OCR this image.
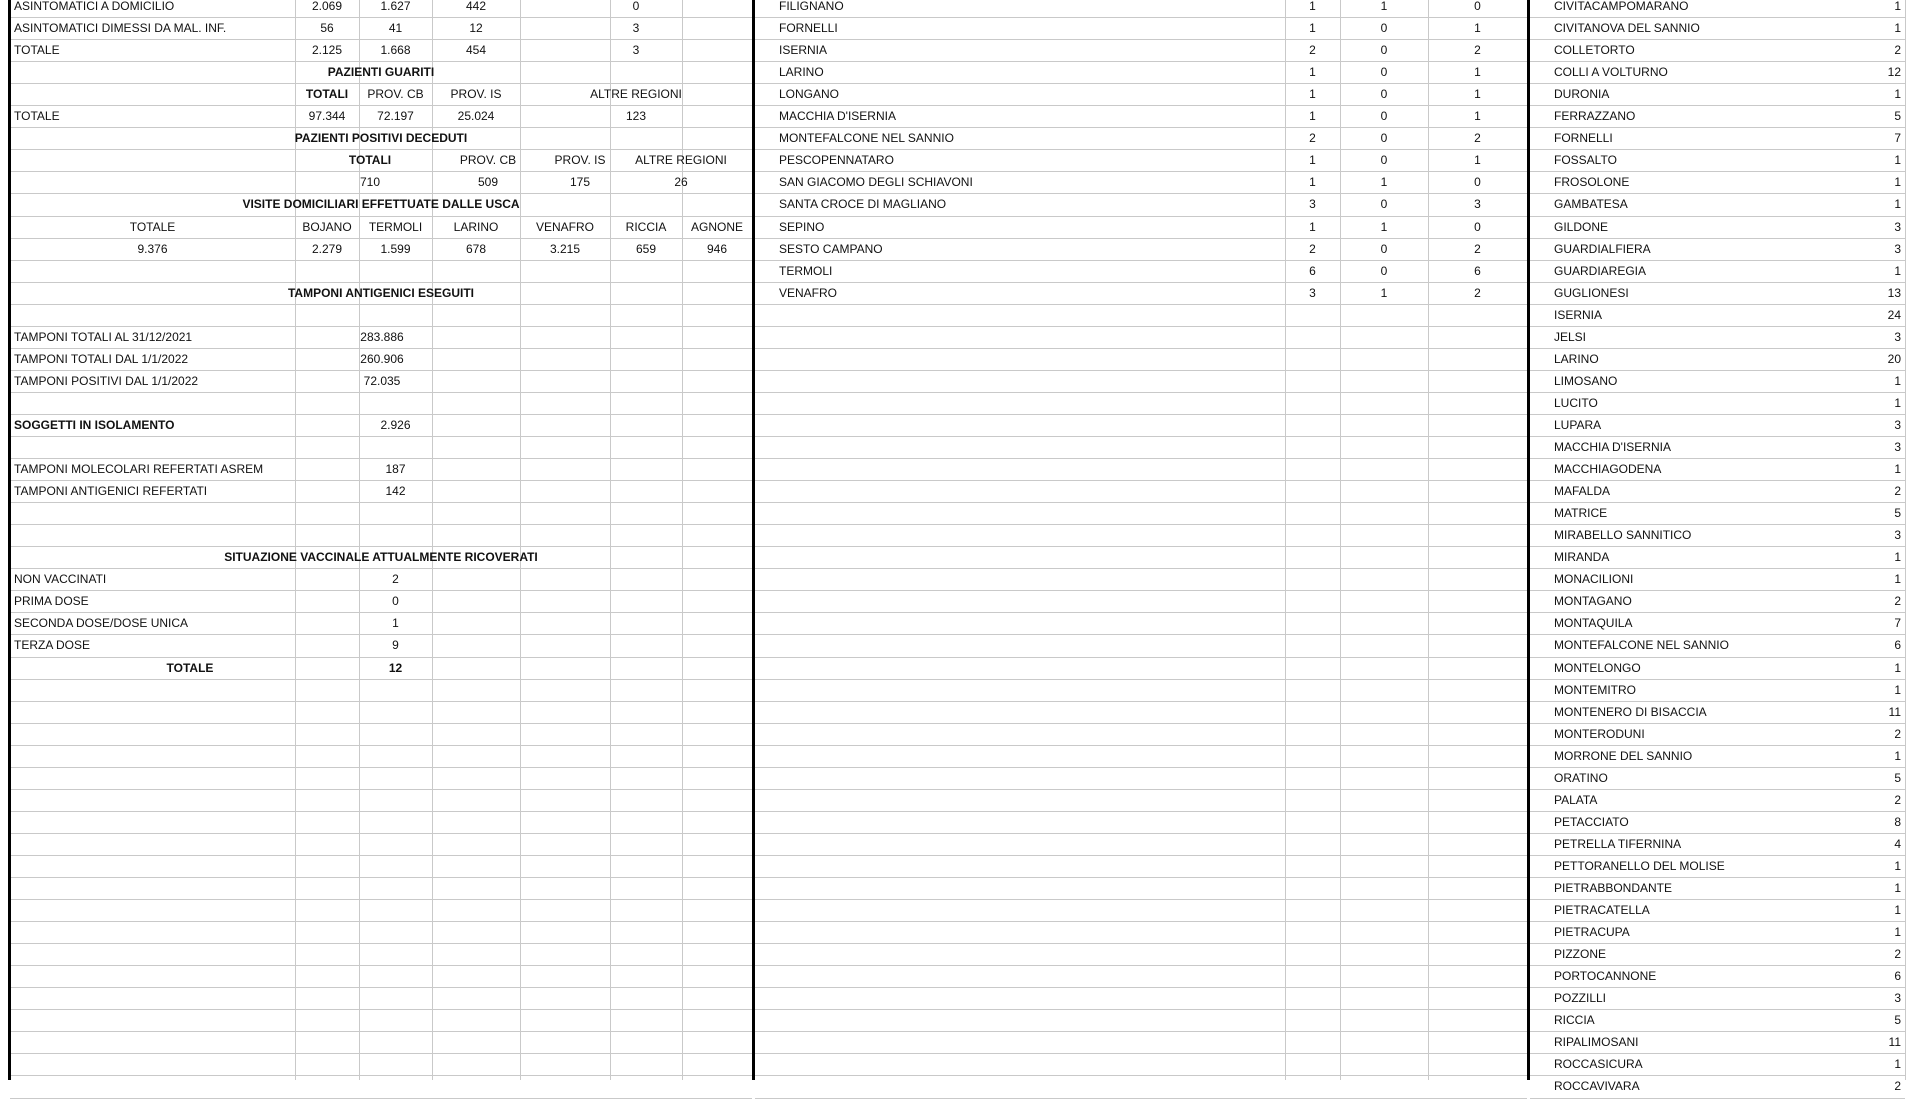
ASINTOMATICI A DOMICILIO	2.069	1.627	442	0
ASINTOMATICI DIMESSI DA MAL. INF.	56	41	12	3
TOTALE	2.125	1.668	454	3
PAZIENTI GUARITI
TOTALI	PROV. CB	PROV. IS	ALTRE REGIONI
TOTALE	97.344	72.197	25.024	123
PAZIENTI POSITIVI DECEDUTI
TOTALI	PROV. CB	PROV. IS	ALTRE REGIONI
710	509	175	26
VISITE DOMICILIARI EFFETTUATE DALLE USCA
TOTALE	BOJANO	TERMOLI	LARINO	VENAFRO	RICCIA	AGNONE
9.376	2.279	1.599	678	3.215	659	946
TAMPONI ANTIGENICI ESEGUITI
TAMPONI TOTALI AL 31/12/2021	283.886
TAMPONI TOTALI DAL 1/1/2022	260.906
TAMPONI POSITIVI DAL 1/1/2022	72.035
SOGGETTI IN ISOLAMENTO	2.926
TAMPONI MOLECOLARI REFERTATI ASREM	187
TAMPONI ANTIGENICI REFERTATI	142
SITUAZIONE VACCINALE ATTUALMENTE RICOVERATI
NON VACCINATI	2
PRIMA DOSE	0
SECONDA DOSE/DOSE UNICA	1
TERZA DOSE	9
TOTALE	12
FILIGNANO	1	1	0
FORNELLI	1	0	1
ISERNIA	2	0	2
LARINO	1	0	1
LONGANO	1	0	1
MACCHIA D'ISERNIA	1	0	1
MONTEFALCONE NEL SANNIO	2	0	2
PESCOPENNATARO	1	0	1
SAN GIACOMO DEGLI SCHIAVONI	1	1	0
SANTA CROCE DI MAGLIANO	3	0	3
SEPINO	1	1	0
SESTO CAMPANO	2	0	2
TERMOLI	6	0	6
VENAFRO	3	1	2
CIVITACAMPOMARANO	1
CIVITANOVA DEL SANNIO	1
COLLETORTO	2
COLLI A VOLTURNO	12
DURONIA	1
FERRAZZANO	5
FORNELLI	7
FOSSALTO	1
FROSOLONE	1
GAMBATESA	1
GILDONE	3
GUARDIALFIERA	3
GUARDIAREGIA	1
GUGLIONESI	13
ISERNIA	24
JELSI	3
LARINO	20
LIMOSANO	1
LUCITO	1
LUPARA	3
MACCHIA D'ISERNIA	3
MACCHIAGODENA	1
MAFALDA	2
MATRICE	5
MIRABELLO SANNITICO	3
MIRANDA	1
MONACILIONI	1
MONTAGANO	2
MONTAQUILA	7
MONTEFALCONE NEL SANNIO	6
MONTELONGO	1
MONTEMITRO	1
MONTENERO DI BISACCIA	11
MONTERODUNI	2
MORRONE DEL SANNIO	1
ORATINO	5
PALATA	2
PETACCIATO	8
PETRELLA TIFERNINA	4
PETTORANELLO DEL MOLISE	1
PIETRABBONDANTE	1
PIETRACATELLA	1
PIETRACUPA	1
PIZZONE	2
PORTOCANNONE	6
POZZILLI	3
RICCIA	5
RIPALIMOSANI	11
ROCCASICURA	1
ROCCAVIVARA	2
